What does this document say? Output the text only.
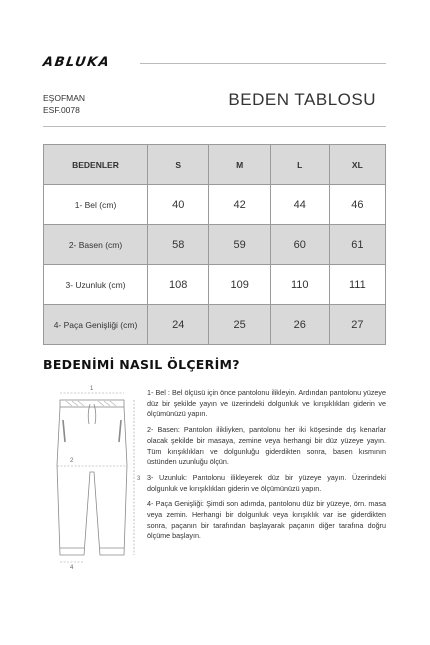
ABLUKA
EŞOFMAN
ESF.0078
BEDEN TABLOSU
BEDENLER	S	M	L	XL
1- Bel (cm)	40	42	44	46
2- Basen (cm)	58	59	60	61
3- Uzunluk (cm)	108	109	110	111
4- Paça Genişliği (cm)	24	25	26	27
BEDENİMİ NASIL ÖLÇERİM?
1
2
3
4

1- Bel : Bel ölçüsü için önce pantolonu ilikleyin. Ardından pantolonu yüzeye düz bir şekilde yayın ve üzerindeki dolgunluk ve kırışıklıkları giderin ve ölçümünüzü yapın.

2- Basen: Pantolon ilikliyken, pantolonu her iki köşesinde dış kenarlar olacak şekilde bir masaya, zemine veya herhangi bir düz yüzeye yayın. Tüm kırışıklıkları ve dolgunluğu giderdikten sonra, basen kısmının üstünden uzunluğu ölçün.

3- Uzunluk: Pantolonu ilikleyerek düz bir yüzeye yayın. Üzerindeki dolgunluk ve kırışıklıkları giderin ve ölçümünüzü yapın.

4- Paça Genişliği: Şimdi son adımda, pantolonu düz bir yüzeye, örn. masa veya zemin. Herhangi bir dolgunluk veya kırışıklık var ise giderdikten sonra, paçanın bir tarafından başlayarak paçanın diğer tarafına doğru ölçüme başlayın.
